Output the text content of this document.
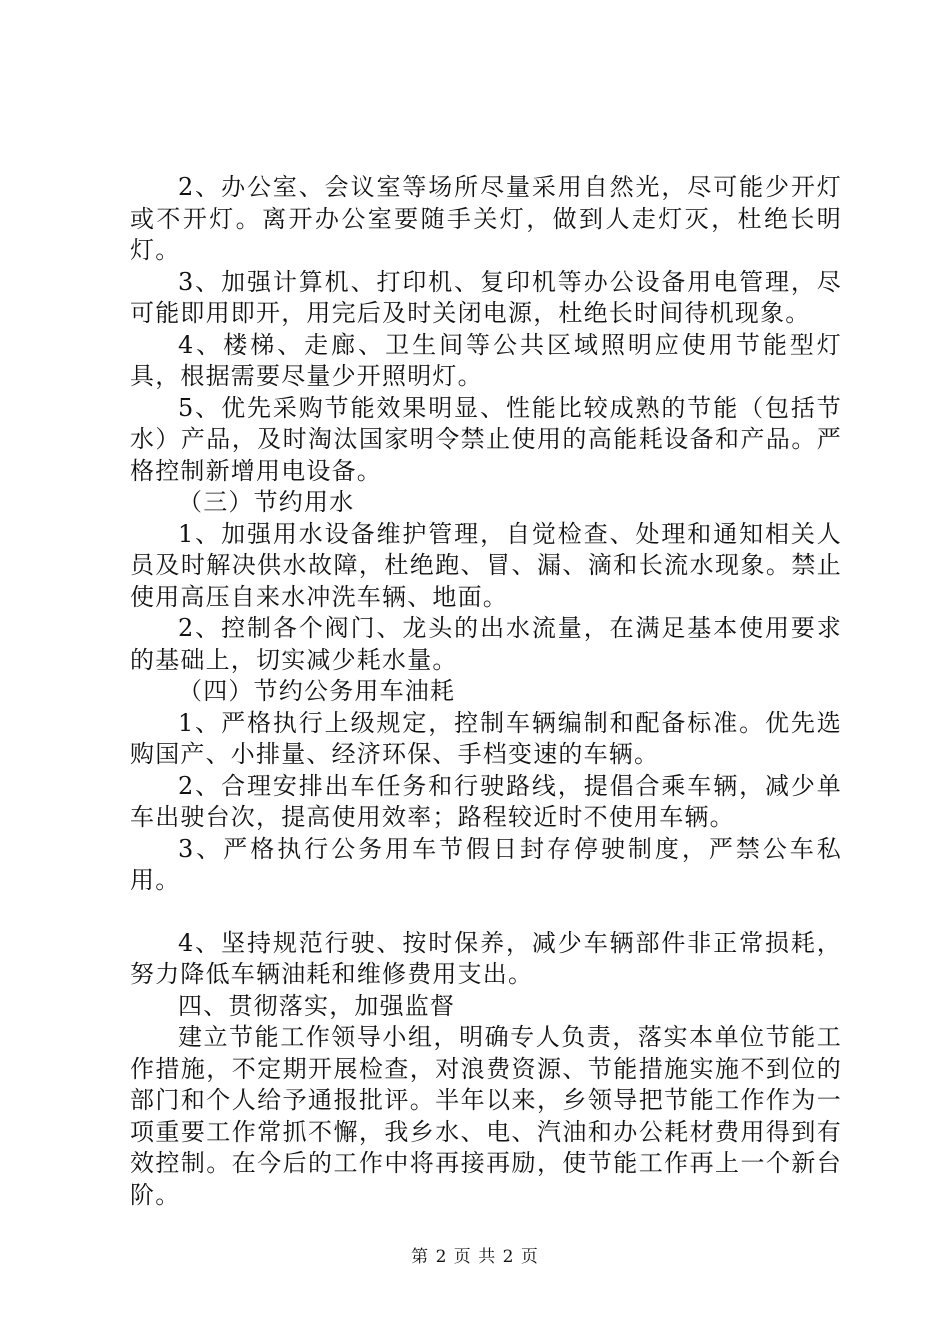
2、办公室、会议室等场所尽量采用自然光，尽可能少开灯或不开灯。离开办公室要随手关灯，做到人走灯灭，杜绝长明灯。

3、加强计算机、打印机、复印机等办公设备用电管理，尽可能即用即开，用完后及时关闭电源，杜绝长时间待机现象。

4、楼梯、走廊、卫生间等公共区域照明应使用节能型灯具，根据需要尽量少开照明灯。

5、优先采购节能效果明显、性能比较成熟的节能（包括节水）产品，及时淘汰国家明令禁止使用的高能耗设备和产品。严格控制新增用电设备。

（三）节约用水

1、加强用水设备维护管理，自觉检查、处理和通知相关人员及时解决供水故障，杜绝跑、冒、漏、滴和长流水现象。禁止使用高压自来水冲洗车辆、地面。

2、控制各个阀门、龙头的出水流量，在满足基本使用要求的基础上，切实减少耗水量。

（四）节约公务用车油耗

1、严格执行上级规定，控制车辆编制和配备标准。优先选购国产、小排量、经济环保、手档变速的车辆。

2、合理安排出车任务和行驶路线，提倡合乘车辆，减少单车出驶台次，提高使用效率；路程较近时不使用车辆。

3、严格执行公务用车节假日封存停驶制度，严禁公车私用。

4、坚持规范行驶、按时保养，减少车辆部件非正常损耗，努力降低车辆油耗和维修费用支出。

四、贯彻落实，加强监督

建立节能工作领导小组，明确专人负责，落实本单位节能工作措施，不定期开展检查，对浪费资源、节能措施实施不到位的部门和个人给予通报批评。半年以来，乡领导把节能工作作为一项重要工作常抓不懈，我乡水、电、汽油和办公耗材费用得到有效控制。在今后的工作中将再接再励，使节能工作再上一个新台阶。

第 2 页 共 2 页
